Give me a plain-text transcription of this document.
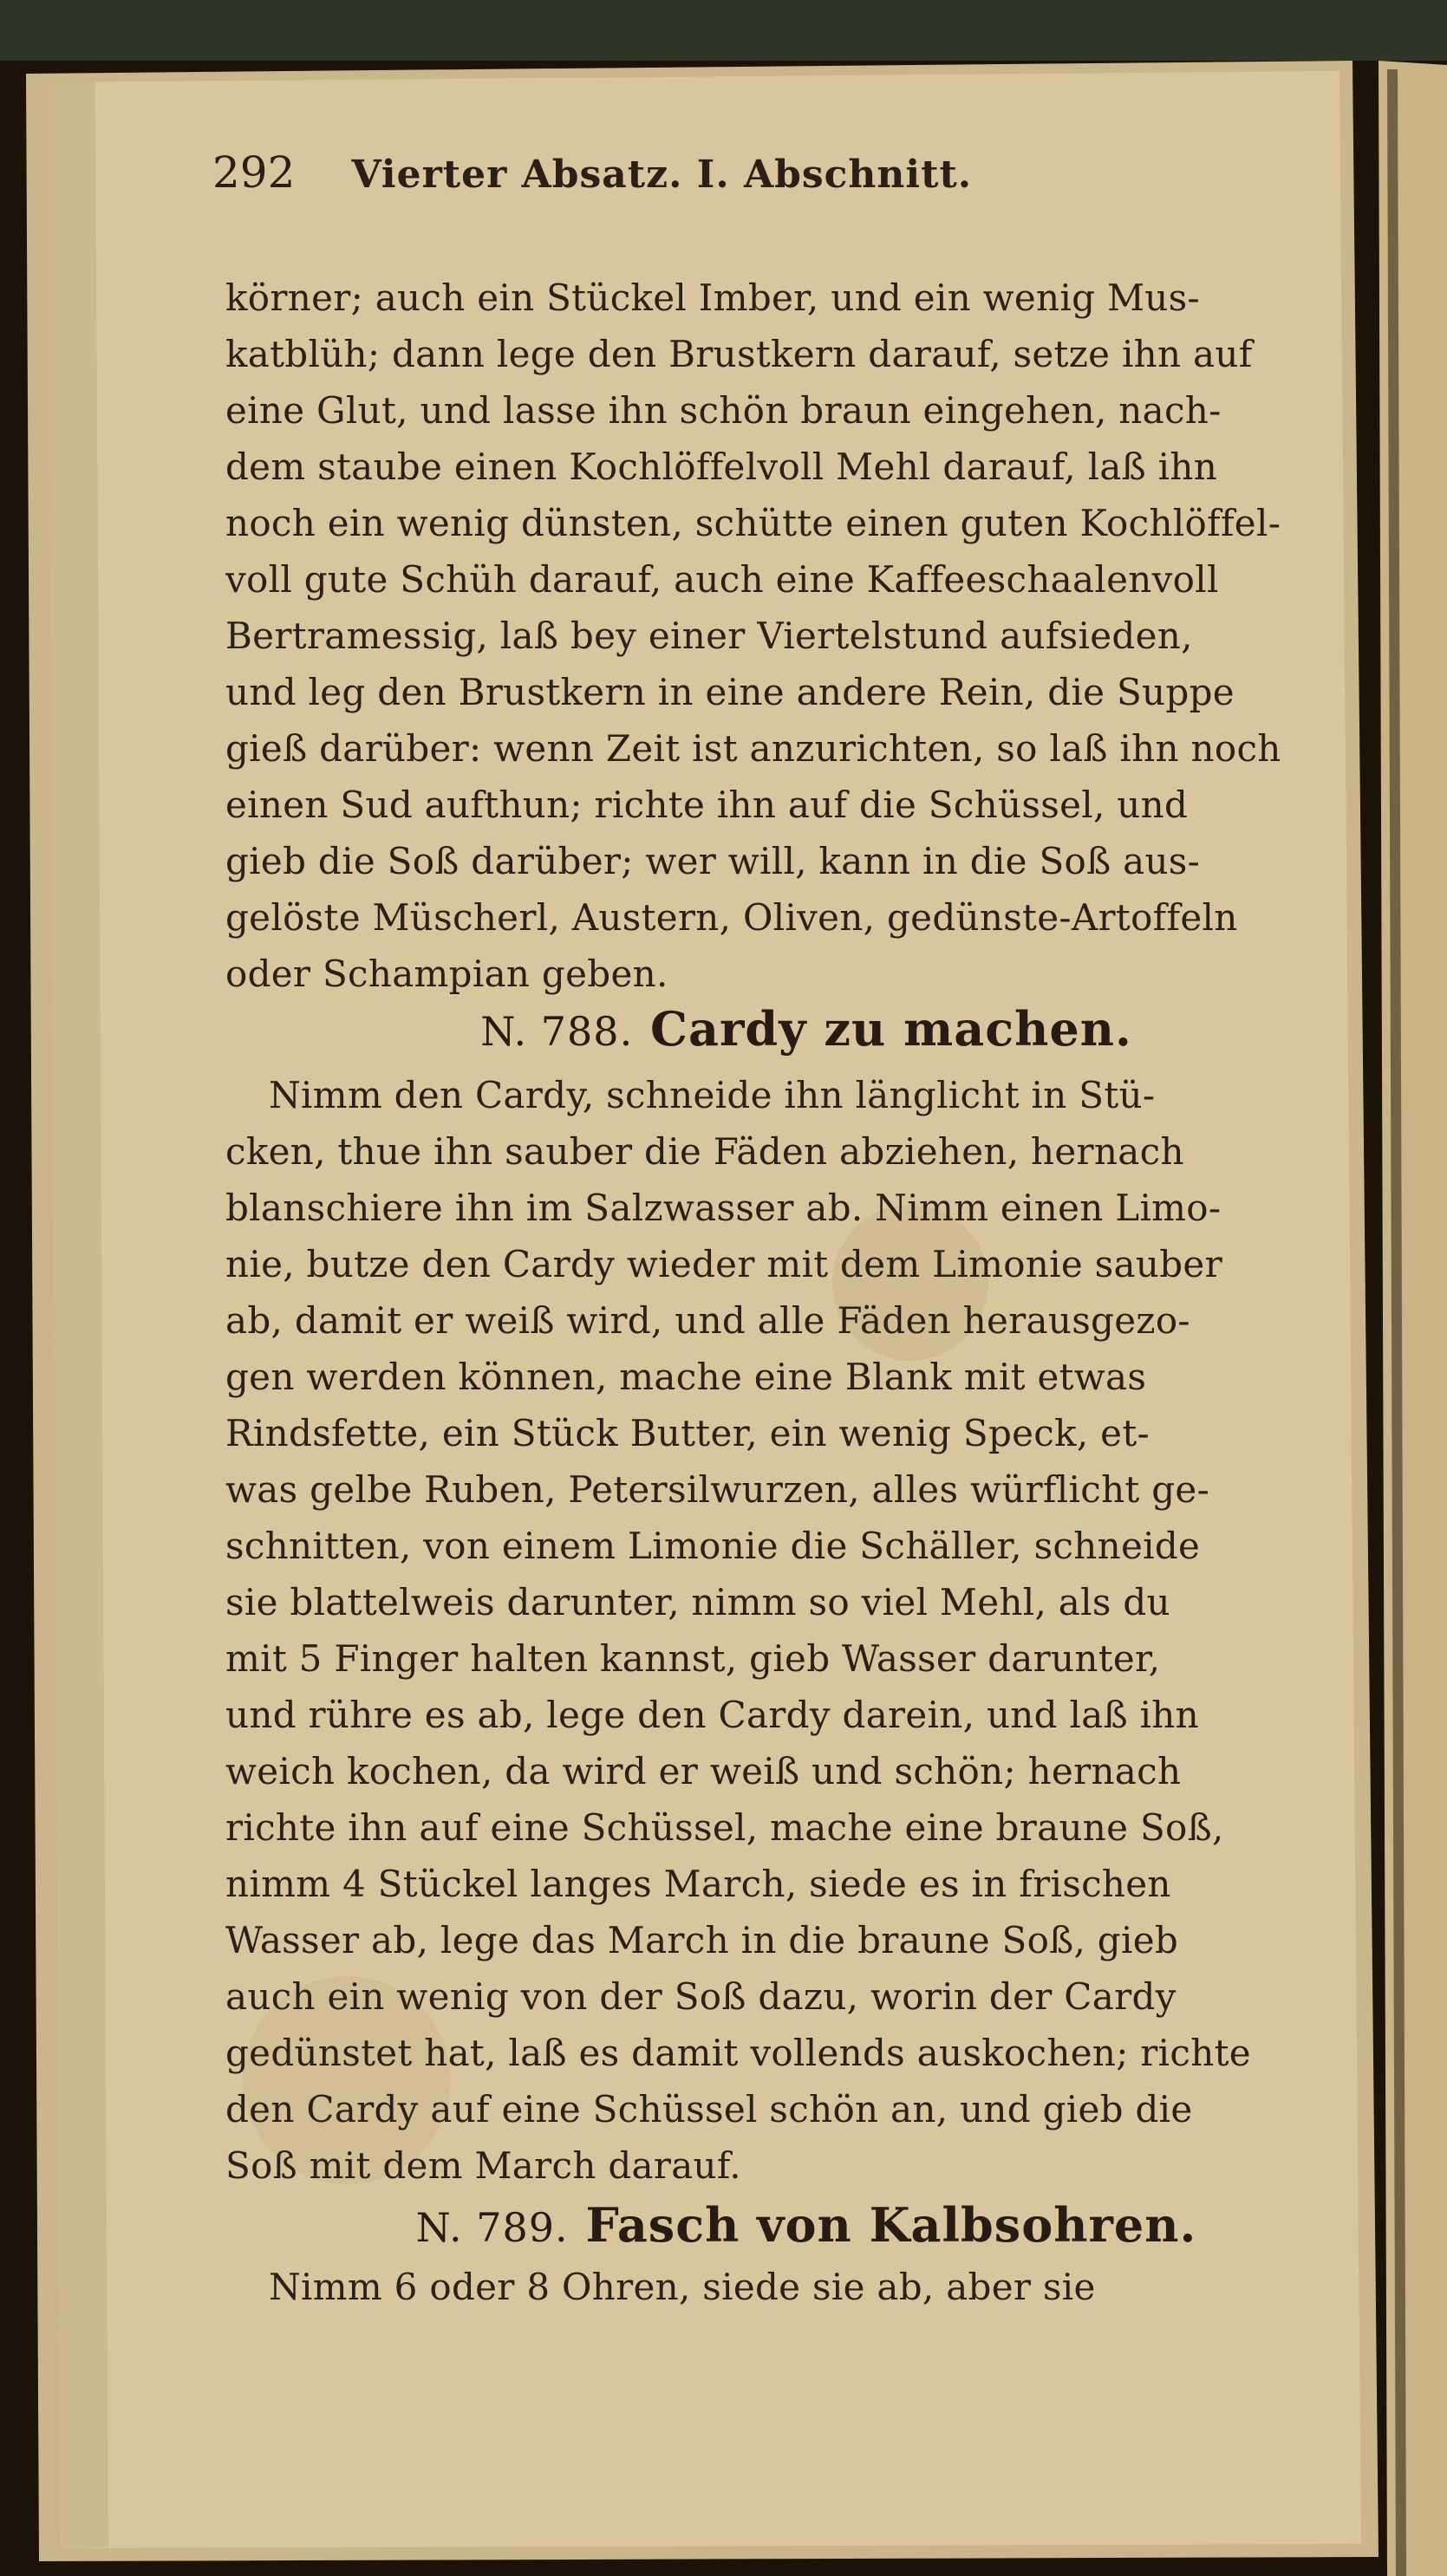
292 Vierter Absatz. I. Abschnitt.
körner; auch ein Stückel Imber, und ein wenig Mus-
katblüh; dann lege den Brustkern darauf, setze ihn auf
eine Glut, und lasse ihn schön braun eingehen, nach-
dem staube einen Kochlöffelvoll Mehl darauf, laß ihn
noch ein wenig dünsten, schütte einen guten Kochlöffel-
voll gute Schüh darauf, auch eine Kaffeeschaalenvoll
Bertramessig, laß bey einer Viertelstund aufsieden,
und leg den Brustkern in eine andere Rein, die Suppe
gieß darüber: wenn Zeit ist anzurichten, so laß ihn noch
einen Sud aufthun; richte ihn auf die Schüssel, und
gieb die Soß darüber; wer will, kann in die Soß aus-
gelöste Müscherl, Austern, Oliven, gedünste-Artoffeln
oder Schampian geben.
N. 788. Cardy zu machen.
Nimm den Cardy, schneide ihn länglicht in Stü-
cken, thue ihn sauber die Fäden abziehen, hernach
blanschiere ihn im Salzwasser ab. Nimm einen Limo-
nie, butze den Cardy wieder mit dem Limonie sauber
ab, damit er weiß wird, und alle Fäden herausgezo-
gen werden können, mache eine Blank mit etwas
Rindsfette, ein Stück Butter, ein wenig Speck, et-
was gelbe Ruben, Petersilwurzen, alles würflicht ge-
schnitten, von einem Limonie die Schäller, schneide
sie blattelweis darunter, nimm so viel Mehl, als du
mit 5 Finger halten kannst, gieb Wasser darunter,
und rühre es ab, lege den Cardy darein, und laß ihn
weich kochen, da wird er weiß und schön; hernach
richte ihn auf eine Schüssel, mache eine braune Soß,
nimm 4 Stückel langes March, siede es in frischen
Wasser ab, lege das March in die braune Soß, gieb
auch ein wenig von der Soß dazu, worin der Cardy
gedünstet hat, laß es damit vollends auskochen; richte
den Cardy auf eine Schüssel schön an, und gieb die
Soß mit dem March darauf.
N. 789. Fasch von Kalbsohren.
Nimm 6 oder 8 Ohren, siede sie ab, aber sie
